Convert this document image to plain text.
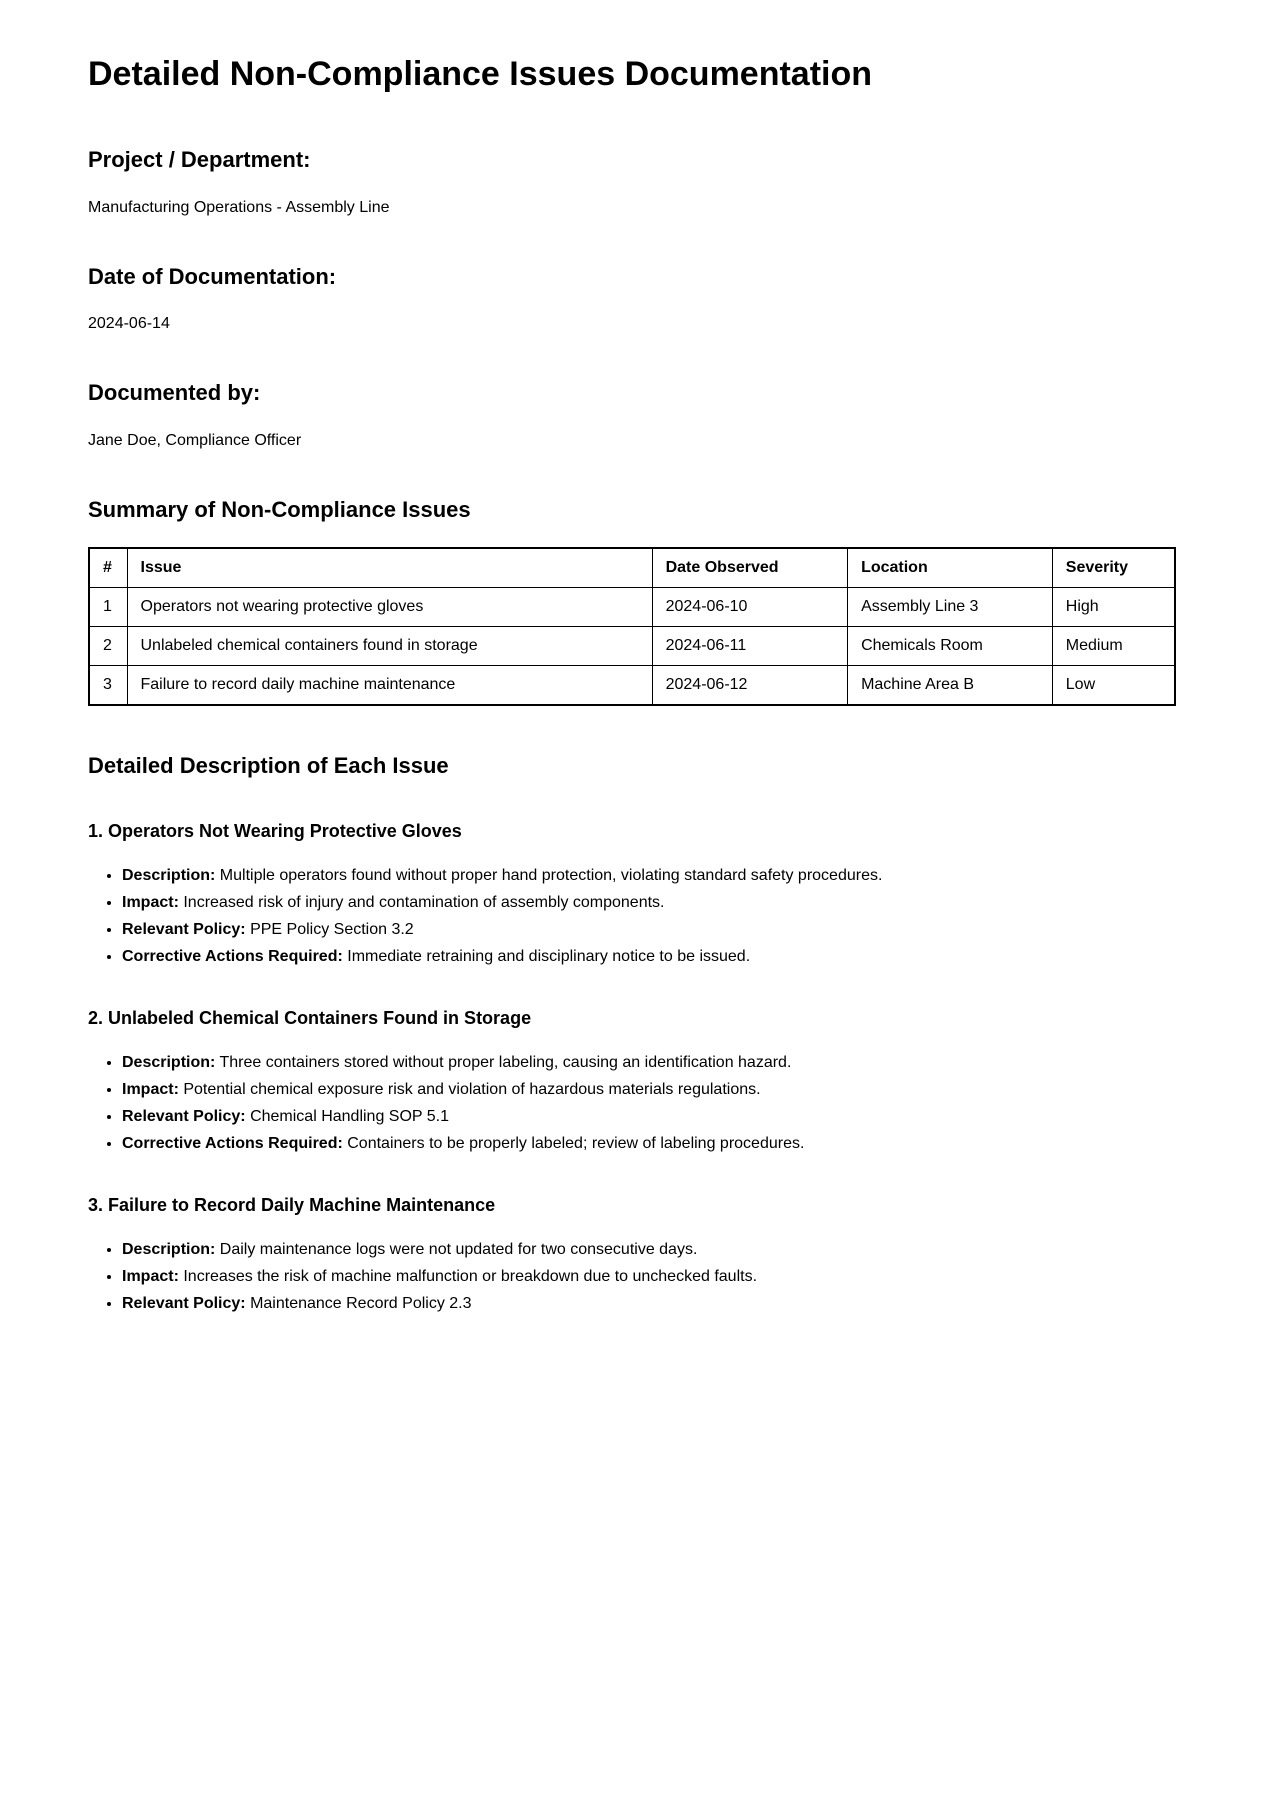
Detailed Non-Compliance Issues Documentation
Project / Department:

Manufacturing Operations - Assembly Line

Date of Documentation:

2024-06-14

Documented by:

Jane Doe, Compliance Officer

Summary of Non-Compliance Issues
#	Issue	Date Observed	Location	Severity
1	Operators not wearing protective gloves	2024-06-10	Assembly Line 3	High
2	Unlabeled chemical containers found in storage	2024-06-11	Chemicals Room	Medium
3	Failure to record daily machine maintenance	2024-06-12	Machine Area B	Low
Detailed Description of Each Issue
1. Operators Not Wearing Protective Gloves
• Description: Multiple operators found without proper hand protection, violating standard safety procedures.
• Impact: Increased risk of injury and contamination of assembly components.
• Relevant Policy: PPE Policy Section 3.2
• Corrective Actions Required: Immediate retraining and disciplinary notice to be issued.
2. Unlabeled Chemical Containers Found in Storage
• Description: Three containers stored without proper labeling, causing an identification hazard.
• Impact: Potential chemical exposure risk and violation of hazardous materials regulations.
• Relevant Policy: Chemical Handling SOP 5.1
• Corrective Actions Required: Containers to be properly labeled; review of labeling procedures.
3. Failure to Record Daily Machine Maintenance
• Description: Daily maintenance logs were not updated for two consecutive days.
• Impact: Increases the risk of machine malfunction or breakdown due to unchecked faults.
• Relevant Policy: Maintenance Record Policy 2.3
